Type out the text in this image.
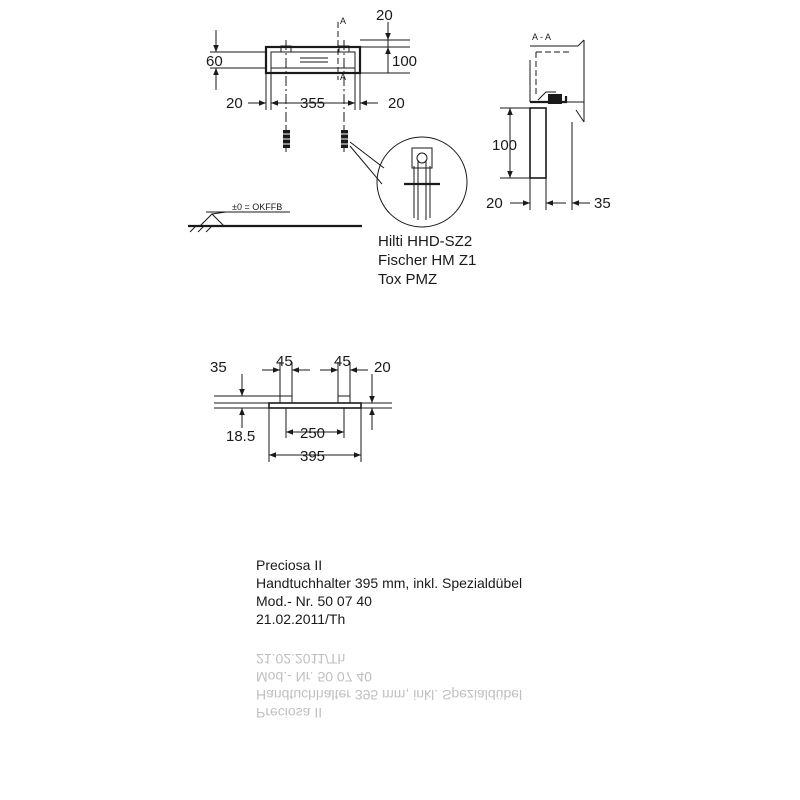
A
A
20
100
60
20	355	20
Hilti HHD-SZ2
Fischer HM Z1
Tox PMZ
±0 = OKFFB
A - A
100
20	35
45	45
35
18.5
20
250
395
Preciosa II
Handtuchhalter 395 mm, inkl. Spezialdübel
Mod.- Nr. 50 07 40
21.02.2011/Th
Preciosa II
Handtuchhalter 395 mm, inkl. Spezialdübel
Mod.- Nr. 50 07 40
21.02.2011/Th
